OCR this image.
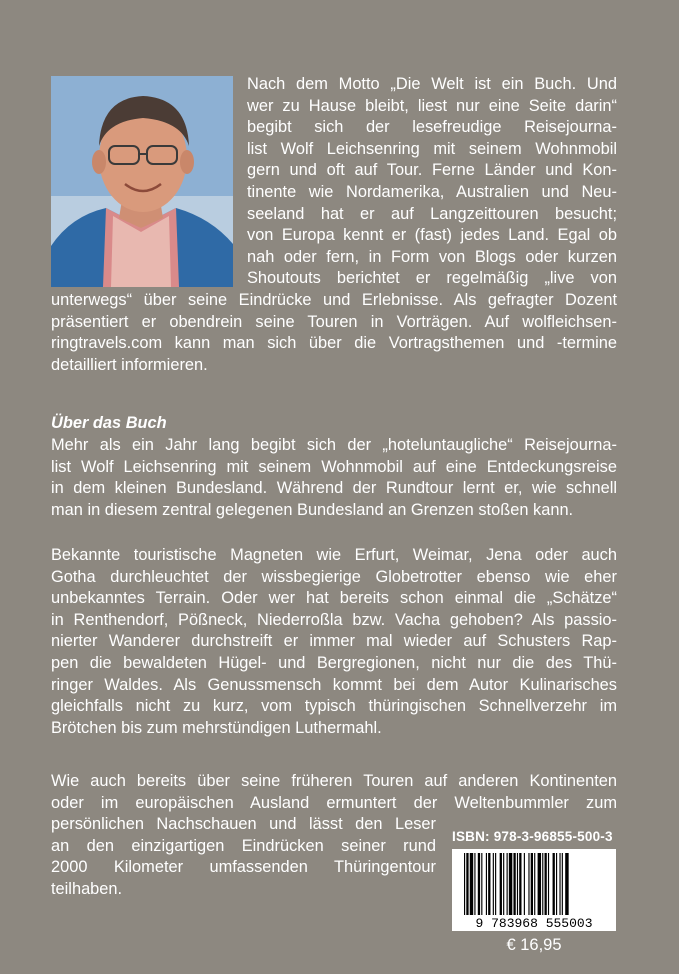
Nach dem Motto „Die Welt ist ein Buch. Und
wer zu Hause bleibt, liest nur eine Seite darin“
begibt sich der lesefreudige Reisejourna-
list Wolf Leichsenring mit seinem Wohnmobil
gern und oft auf Tour. Ferne Länder und Kon-
tinente wie Nordamerika, Australien und Neu-
seeland hat er auf Langzeittouren besucht;
von Europa kennt er (fast) jedes Land. Egal ob
nah oder fern, in Form von Blogs oder kurzen
Shoutouts berichtet er regelmäßig „live von
unterwegs“ über seine Eindrücke und Erlebnisse. Als gefragter Dozent
präsentiert er obendrein seine Touren in Vorträgen. Auf wolfleichsen-
ringtravels.com kann man sich über die Vortragsthemen und -termine
detailliert informieren.
Über das Buch
Mehr als ein Jahr lang begibt sich der „hoteluntaugliche“ Reisejourna-
list Wolf Leichsenring mit seinem Wohnmobil auf eine Entdeckungsreise
in dem kleinen Bundesland. Während der Rundtour lernt er, wie schnell
man in diesem zentral gelegenen Bundesland an Grenzen stoßen kann.
Bekannte touristische Magneten wie Erfurt, Weimar, Jena oder auch
Gotha durchleuchtet der wissbegierige Globetrotter ebenso wie eher
unbekanntes Terrain. Oder wer hat bereits schon einmal die „Schätze“
in Renthendorf, Pößneck, Niederroßla bzw. Vacha gehoben? Als passio-
nierter Wanderer durchstreift er immer mal wieder auf Schusters Rap-
pen die bewaldeten Hügel- und Bergregionen, nicht nur die des Thü-
ringer Waldes. Als Genussmensch kommt bei dem Autor Kulinarisches
gleichfalls nicht zu kurz, vom typisch thüringischen Schnellverzehr im
Brötchen bis zum mehrstündigen Luthermahl.
Wie auch bereits über seine früheren Touren auf anderen Kontinenten
oder im europäischen Ausland ermuntert der Weltenbummler zum
persönlichen Nachschauen und lässt den Leser
an den einzigartigen Eindrücken seiner rund
2000 Kilometer umfassenden Thüringentour
teilhaben.
ISBN: 978-3-96855-500-3
9 783968 555003
€ 16,95
